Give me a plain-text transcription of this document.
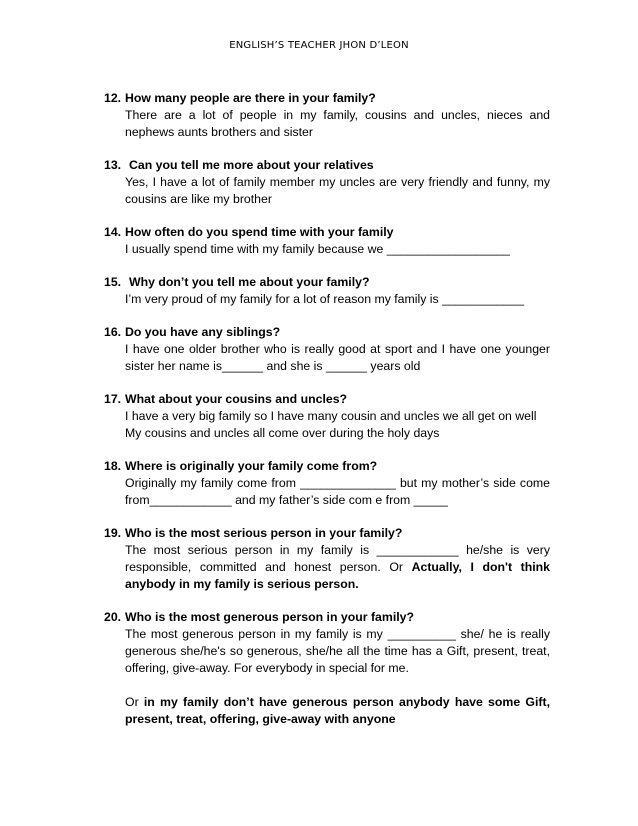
ENGLISH’S TEACHER JHON D’LEON
12. How many people are there in your family?
There are a lot of people in my family, cousins and uncles, nieces and nephews aunts brothers and sister
13. Can you tell me more about your relatives
Yes, I have a lot of family member my uncles are very friendly and funny, my cousins are like my brother
14. How often do you spend time with your family
I usually spend time with my family because we __________________
15. Why don’t you tell me about your family?
I’m very proud of my family for a lot of reason my family is ____________
16. Do you have any siblings?
I have one older brother who is really good at sport and I have one younger sister her name is______ and she is ______ years old
17. What about your cousins and uncles?
I have a very big family so I have many cousin and uncles we all get on well
My cousins and uncles all come over during the holy days
18. Where is originally your family come from?
Originally my family come from ______________ but my mother’s side come from____________ and my father’s side com e from _____
19. Who is the most serious person in your family?
The most serious person in my family is ____________ he/she is very responsible, committed and honest person. Or Actually, I don't think anybody in my family is serious person.
20. Who is the most generous person in your family?
The most generous person in my family is my __________ she/ he is really generous she/he's so generous, she/he all the time has a Gift, present, treat, offering, give-away. For everybody in special for me.
Or in my family don’t have generous person anybody have some Gift, present, treat, offering, give-away with anyone
